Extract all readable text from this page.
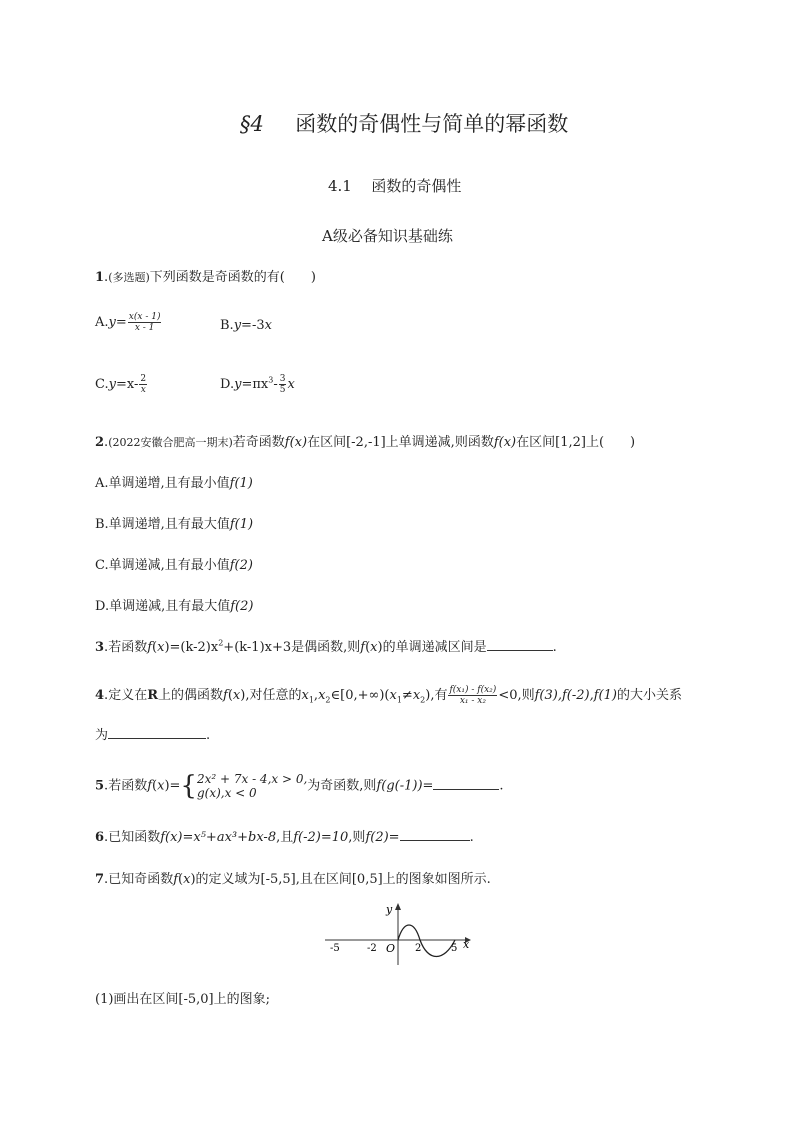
§4 函数的奇偶性与简单的幂函数
4.1 函数的奇偶性
A级必备知识基础练
1.(多选题)下列函数是奇函数的有(　　)
$A.y= \frac{x(x - 1)}{x - 1}$	B.y=-3x
$C.y=x- \frac{2}{x}$	$D.y=\pi x^3- \frac{3}{5}$ x
2.(2022安徽合肥高一期末)若奇函数f(x)在区间[-2,-1]上单调递减,则函数f(x)在区间[1,2]上(　　)
A.单调递增,且有最小值f(1)
B.单调递增,且有最大值f(1)
C.单调递减,且有最小值f(2)
D.单调递减,且有最大值f(2)
3.若函数$f(x)=(k-2)x^2+(k-1)x+3$是偶函数,则f(x)的单调递减区间是	.
4.定义在R上的偶函数f(x),对任意的$x_1,x_2\in[0,+\infty)(x_1\ne x_2)$,有 $\frac{\text{f(x₁) - f(x₂)}}{\text{x₁ - x₂}} <0$,则f(3),f(-2),f(1)的大小关系
为	.
5.若函数f(x)={ 2x² + 7x - 4,x > 0,
g(x),x < 0	为奇函数,则f(g(-1))=	.
6.已知函数f(x)=x⁵+ax³+bx-8,且f(-2)=10,则f(2)=	.
7.已知奇函数f(x)的定义域为[-5,5],且在区间[0,5]上的图象如图所示.
y
x
O
-5	-2	2	5
(1)画出在区间[-5,0]上的图象;
